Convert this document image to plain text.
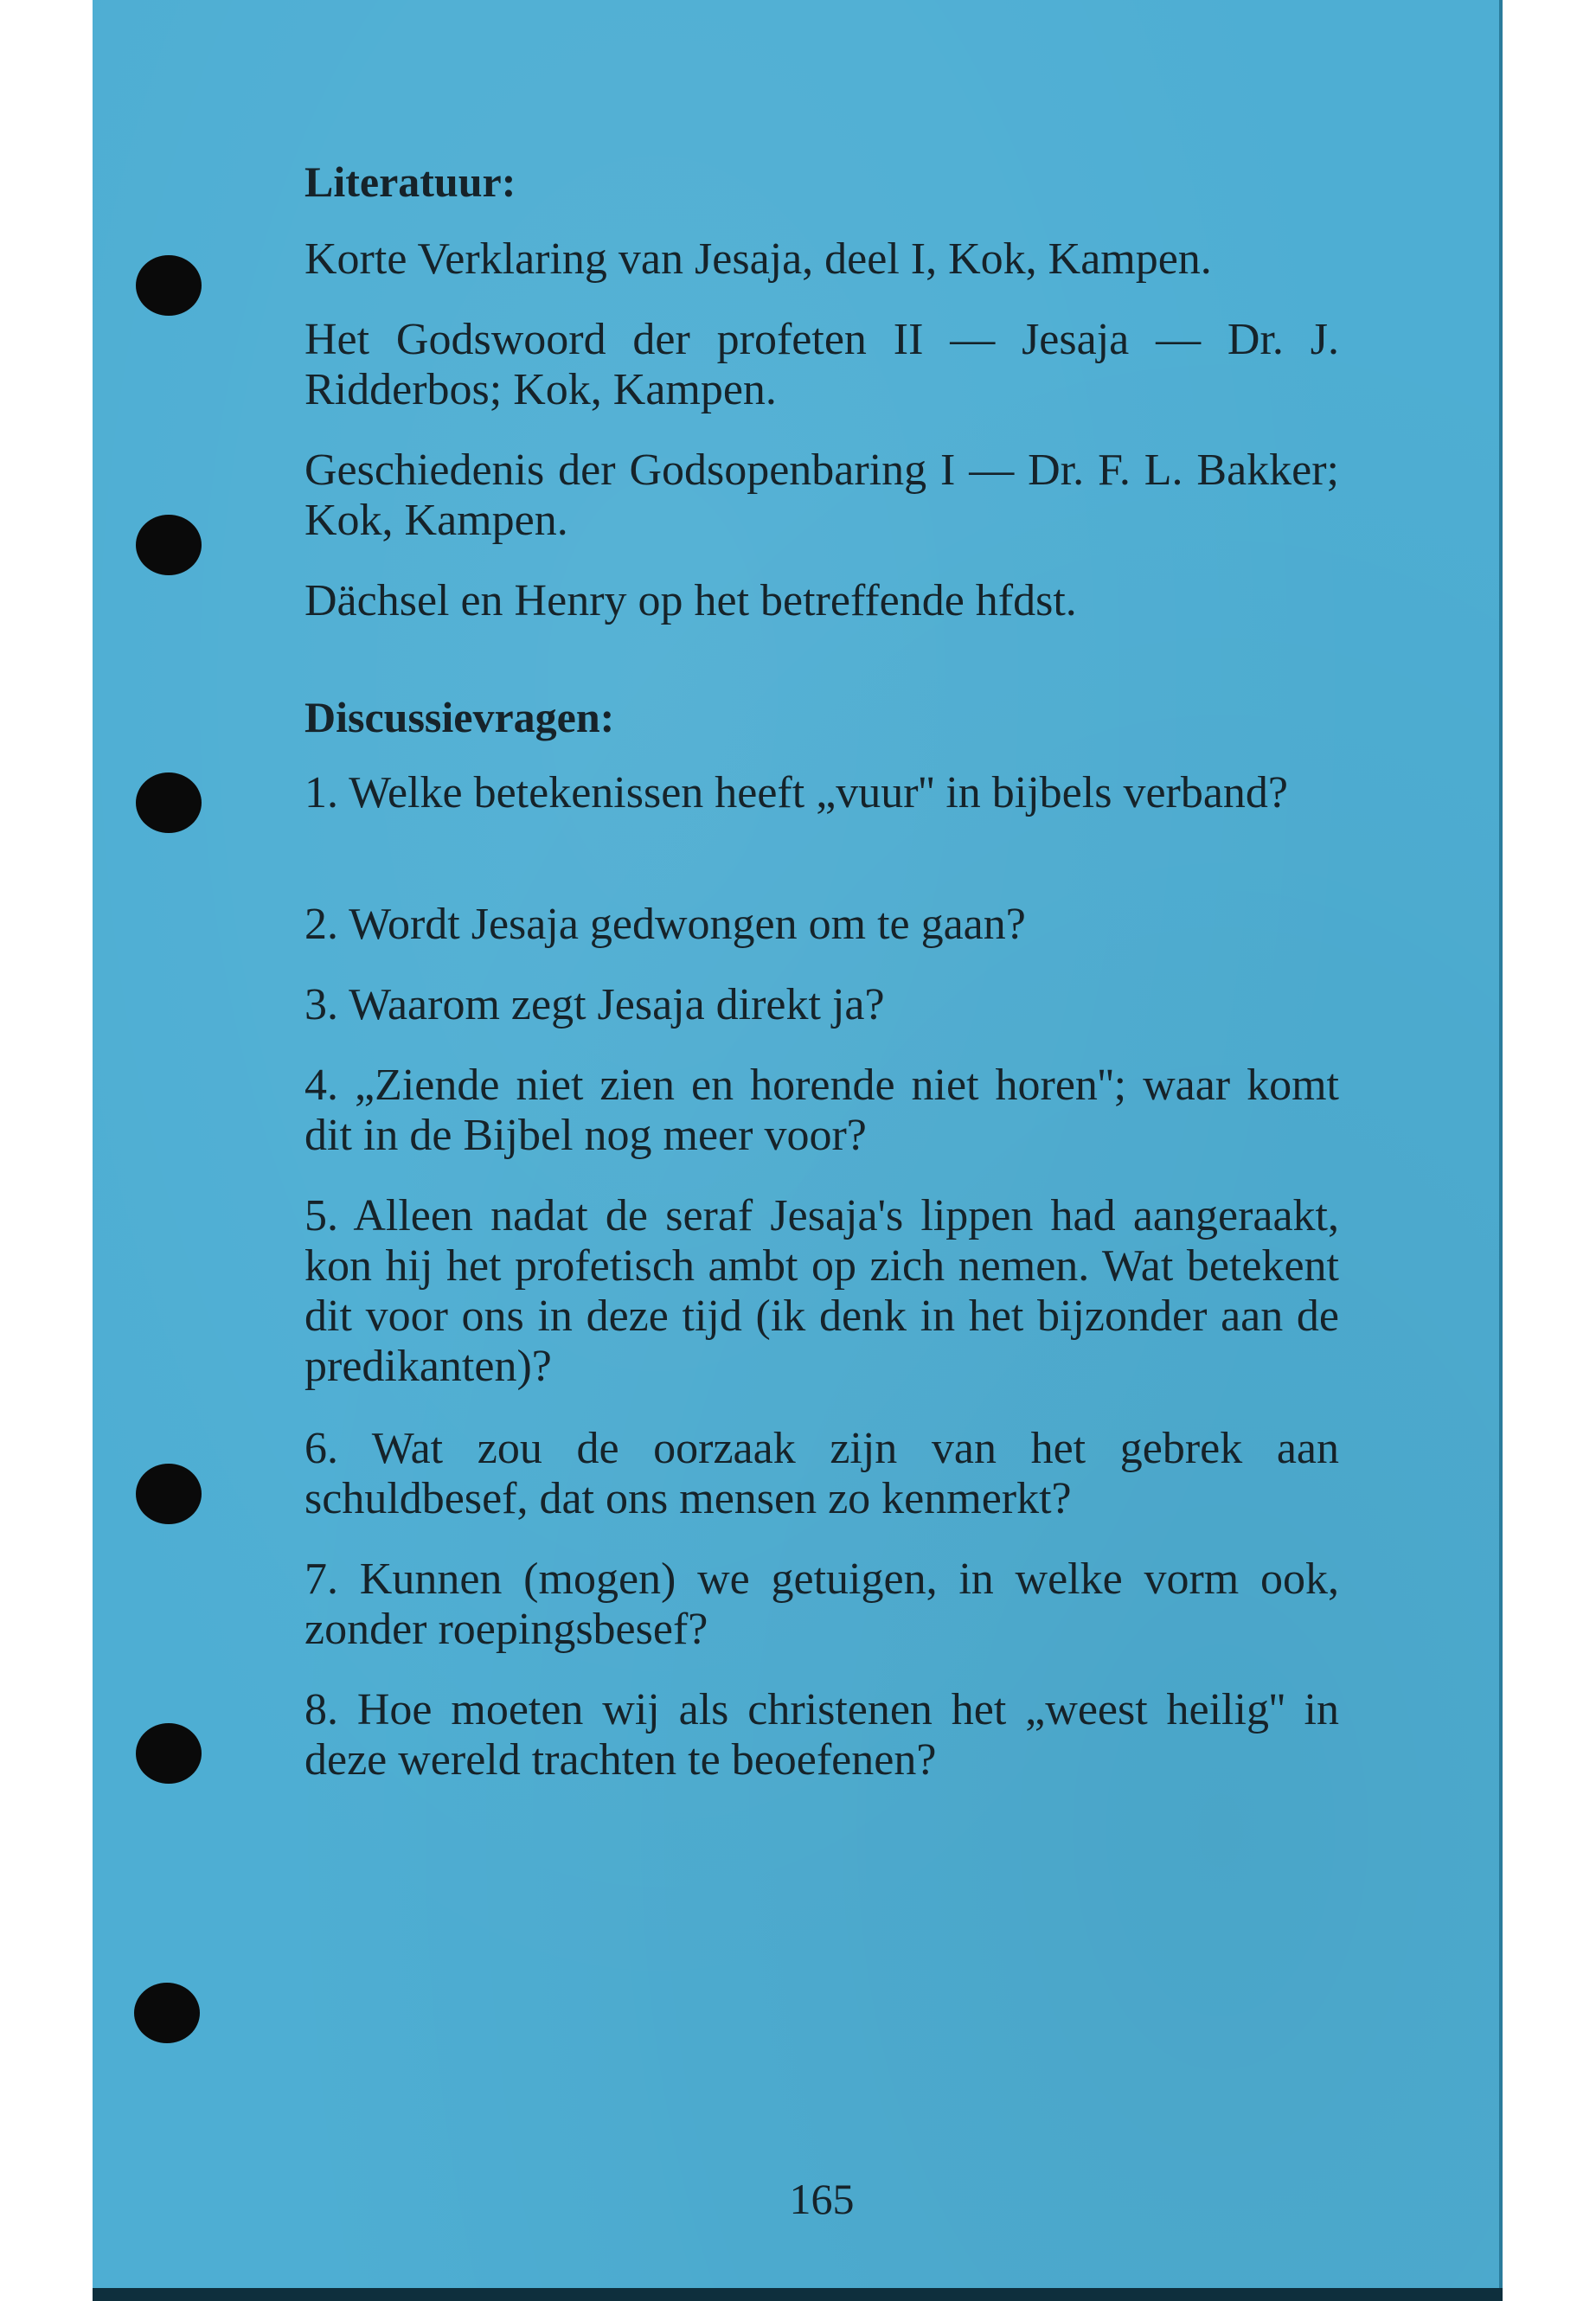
Literatuur:
Korte Verklaring van Jesaja, deel I, Kok, Kampen.
Het Godswoord der profeten II — Jesaja — Dr. J. Ridderbos; Kok, Kampen.
Geschiedenis der Godsopenbaring I — Dr. F. L. Bakker; Kok, Kampen.
Dächsel en Henry op het betreffende hfdst.
Discussievragen:
1. Welke betekenissen heeft „vuur'' in bijbels verband?
2. Wordt Jesaja gedwongen om te gaan?
3. Waarom zegt Jesaja direkt ja?
4. „Ziende niet zien en horende niet horen''; waar komt dit in de Bijbel nog meer voor?
5. Alleen nadat de seraf Jesaja's lippen had aangeraakt, kon hij het profetisch ambt op zich nemen. Wat betekent dit voor ons in deze tijd (ik denk in het bijzonder aan de predikanten)?
6. Wat zou de oorzaak zijn van het gebrek aan schuldbesef, dat ons mensen zo kenmerkt?
7. Kunnen (mogen) we getuigen, in welke vorm ook, zonder roepingsbesef?
8. Hoe moeten wij als christenen het „weest heilig'' in deze wereld trachten te beoefenen?
165
